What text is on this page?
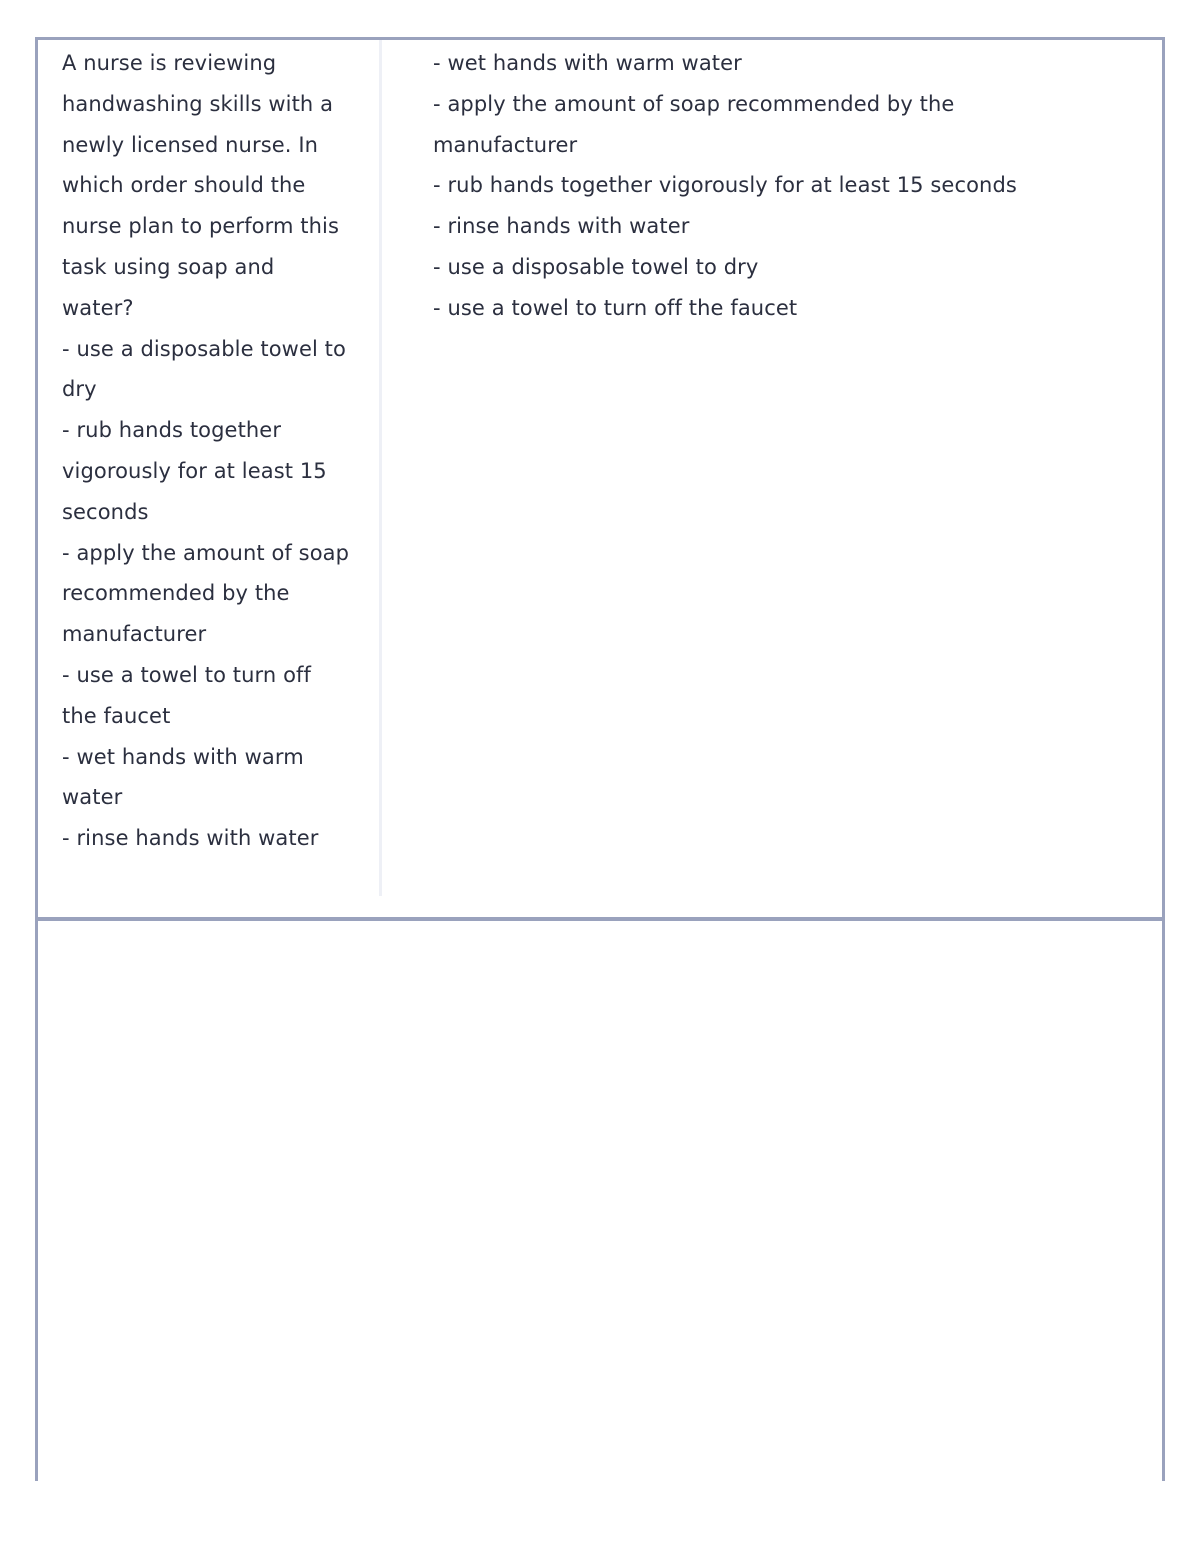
A nurse is reviewing handwashing skills with a newly licensed nurse. In which order should the nurse plan to perform this task using soap and water?
- use a disposable towel to dry
- rub hands together vigorously for at least 15 seconds
- apply the amount of soap recommended by the manufacturer
- use a towel to turn off the faucet
- wet hands with warm water
- rinse hands with water

- wet hands with warm water
- apply the amount of soap recommended by the manufacturer
- rub hands together vigorously for at least 15 seconds
- rinse hands with water
- use a disposable towel to dry
- use a towel to turn off the faucet
